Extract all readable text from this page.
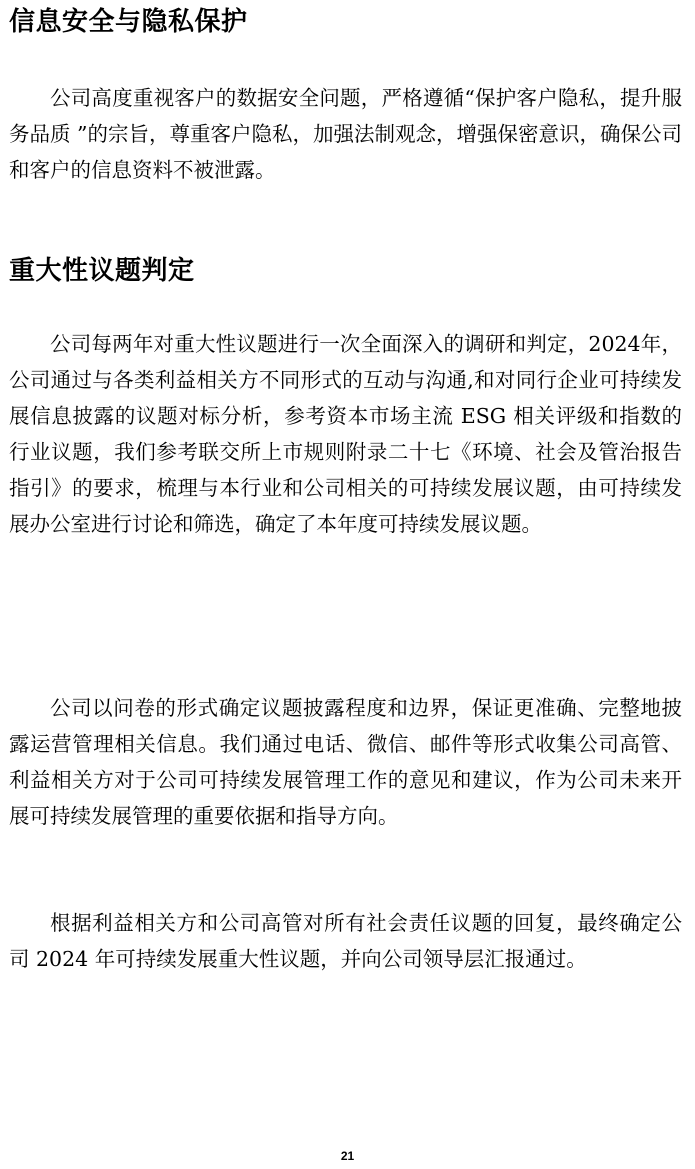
信息安全与隐私保护

公司高度重视客户的数据安全问题，严格遵循“保护客户隐私，提升服务品质 ”的宗旨，尊重客户隐私，加强法制观念，增强保密意识，确保公司和客户的信息资料不被泄露。

重大性议题判定

公司每两年对重大性议题进行一次全面深入的调研和判定，2024年，公司通过与各类利益相关方不同形式的互动与沟通,和对同行企业可持续发展信息披露的议题对标分析，参考资本市场主流 ESG 相关评级和指数的行业议题，我们参考联交所上市规则附录二十七《环境、社会及管治报告指引》的要求，梳理与本行业和公司相关的可持续发展议题，由可持续发展办公室进行讨论和筛选，确定了本年度可持续发展议题。

公司以问卷的形式确定议题披露程度和边界，保证更准确、完整地披露运营管理相关信息。我们通过电话、微信、邮件等形式收集公司高管、利益相关方对于公司可持续发展管理工作的意见和建议，作为公司未来开展可持续发展管理的重要依据和指导方向。

根据利益相关方和公司高管对所有社会责任议题的回复，最终确定公司 2024 年可持续发展重大性议题，并向公司领导层汇报通过。

21
